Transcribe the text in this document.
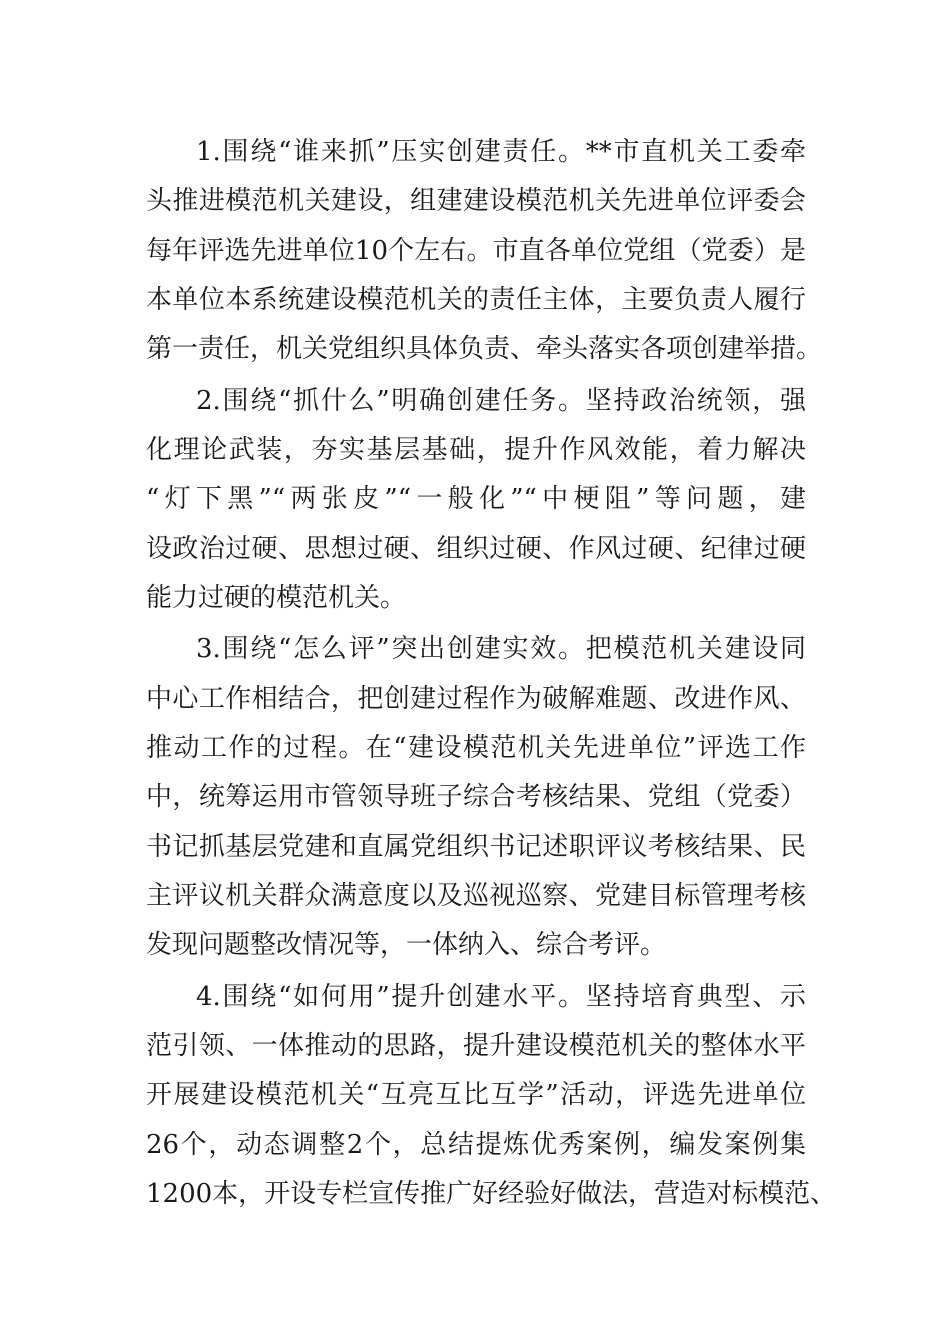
1.围绕“谁来抓”压实创建责任。**市直机关工委牵
头推进模范机关建设，组建建设模范机关先进单位评委会
每年评选先进单位10个左右。市直各单位党组（党委）是
本单位本系统建设模范机关的责任主体，主要负责人履行
第一责任，机关党组织具体负责、牵头落实各项创建举措。
2.围绕“抓什么”明确创建任务。坚持政治统领，强
化理论武装，夯实基层基础，提升作风效能，着力解决
“灯下黑”“两张皮”“一般化”“中梗阻”等问题，建
设政治过硬、思想过硬、组织过硬、作风过硬、纪律过硬
能力过硬的模范机关。
3.围绕“怎么评”突出创建实效。把模范机关建设同
中心工作相结合，把创建过程作为破解难题、改进作风、
推动工作的过程。在“建设模范机关先进单位”评选工作
中，统筹运用市管领导班子综合考核结果、党组（党委）
书记抓基层党建和直属党组织书记述职评议考核结果、民
主评议机关群众满意度以及巡视巡察、党建目标管理考核
发现问题整改情况等，一体纳入、综合考评。
4.围绕“如何用”提升创建水平。坚持培育典型、示
范引领、一体推动的思路，提升建设模范机关的整体水平
开展建设模范机关“互亮互比互学”活动，评选先进单位
26个，动态调整2个，总结提炼优秀案例，编发案例集
1200本，开设专栏宣传推广好经验好做法，营造对标模范、
